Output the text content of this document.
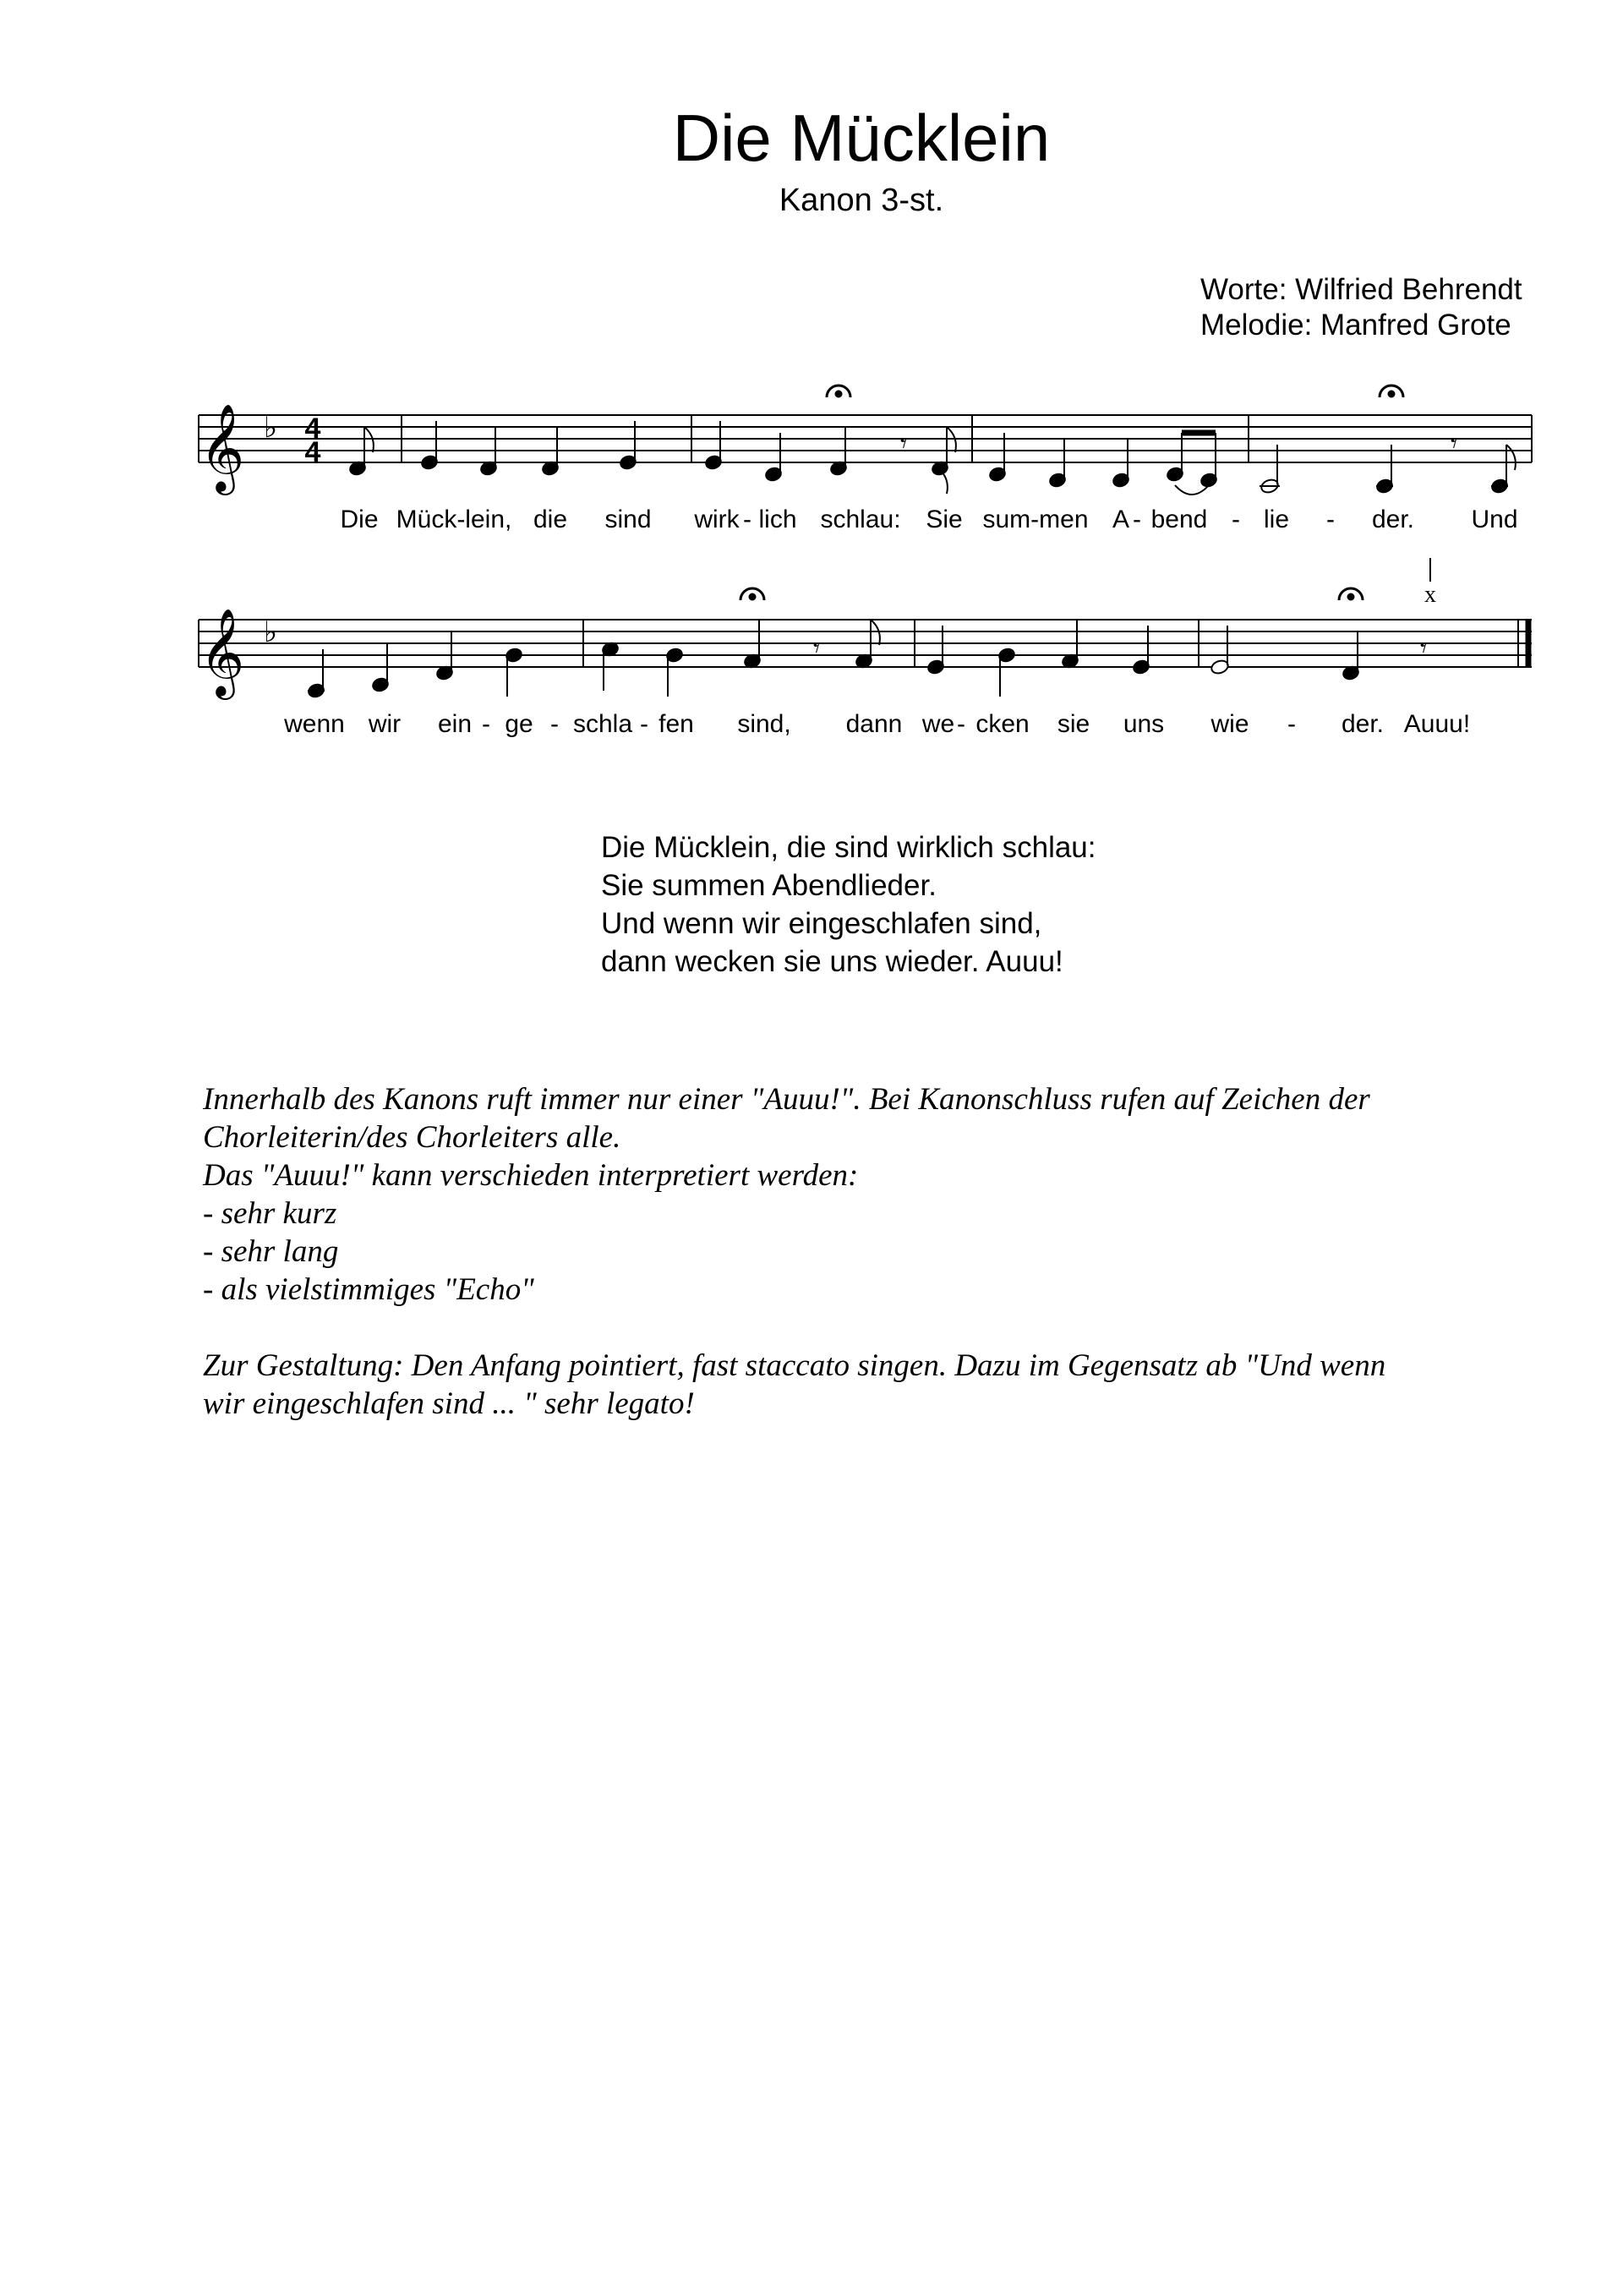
Die Mücklein
Kanon 3-st.
Worte: Wilfried Behrendt
Melodie: Manfred Grote
𝄞 ♭ 4
4	𝄾	𝄾
Die Mück-lein, die sind wirk - lich schlau: Sie sum-men A - bend - lie - der. Und
𝄞 ♭	𝄾	𝄾
x
wenn wir ein - ge - schla - fen sind, dann we - cken sie uns wie - der. Auuu!
Die Mücklein, die sind wirklich schlau:
Sie summen Abendlieder.
Und wenn wir eingeschlafen sind,
dann wecken sie uns wieder. Auuu!

Innerhalb des Kanons ruft immer nur einer "Auuu!". Bei Kanonschluss rufen auf Zeichen der

Chorleiterin/des Chorleiters alle.

Das "Auuu!" kann verschieden interpretiert werden:

- sehr kurz

- sehr lang

- als vielstimmiges "Echo"

Zur Gestaltung: Den Anfang pointiert, fast staccato singen. Dazu im Gegensatz ab "Und wenn

wir eingeschlafen sind ... " sehr legato!
